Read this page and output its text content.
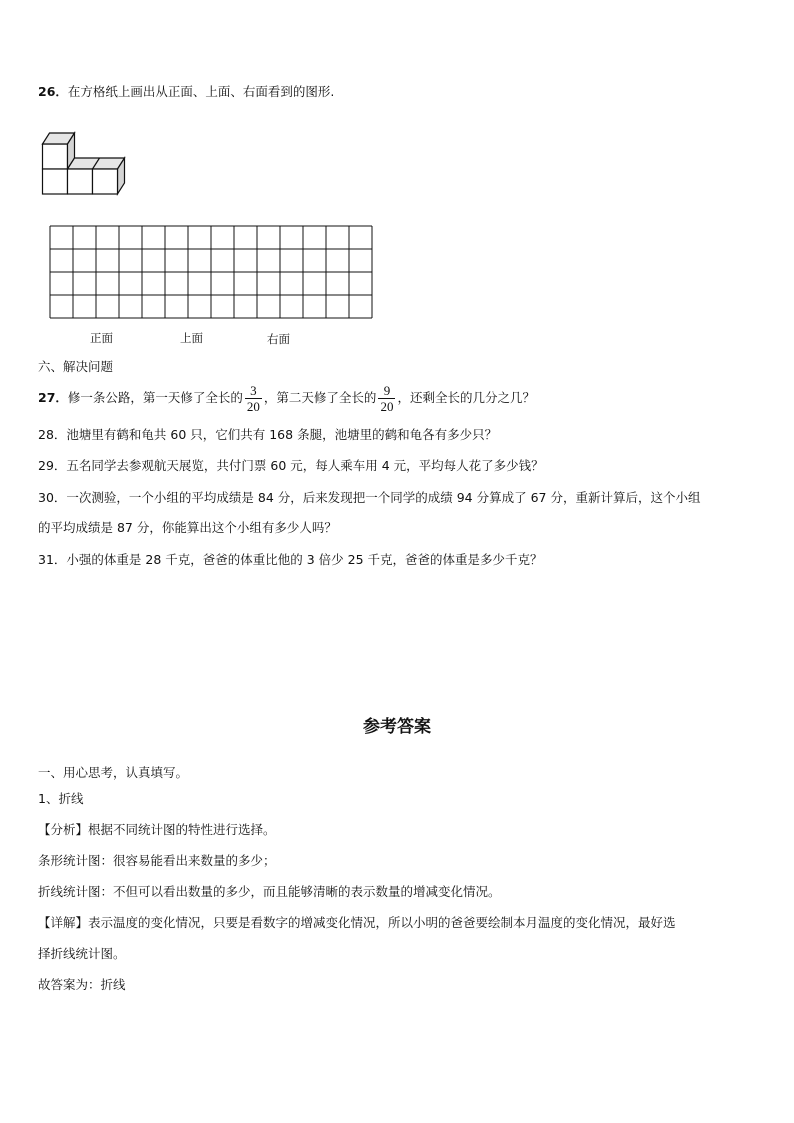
26．在方格纸上画出从正面、上面、右面看到的图形.
正面	上面	右面
六、解决问题
27．修一条公路，第一天修了全长的 $\frac{3}{20}$ ，第二天修了全长的 $\frac{9}{20}$ ，还剩全长的几分之几？
28．池塘里有鹤和龟共 60 只，它们共有 168 条腿，池塘里的鹤和龟各有多少只？
29．五名同学去参观航天展览，共付门票 60 元，每人乘车用 4 元，平均每人花了多少钱？
30．一次测验，一个小组的平均成绩是 84 分，后来发现把一个同学的成绩 94 分算成了 67 分，重新计算后，这个小组
的平均成绩是 87 分，你能算出这个小组有多少人吗？
31．小强的体重是 28 千克，爸爸的体重比他的 3 倍少 25 千克，爸爸的体重是多少千克？
参考答案
一、用心思考，认真填写。
1、折线
【分析】根据不同统计图的特性进行选择。
条形统计图：很容易能看出来数量的多少；
折线统计图：不但可以看出数量的多少，而且能够清晰的表示数量的增减变化情况。
【详解】表示温度的变化情况，只要是看数字的增减变化情况，所以小明的爸爸要绘制本月温度的变化情况，最好选
择折线统计图。
故答案为：折线
